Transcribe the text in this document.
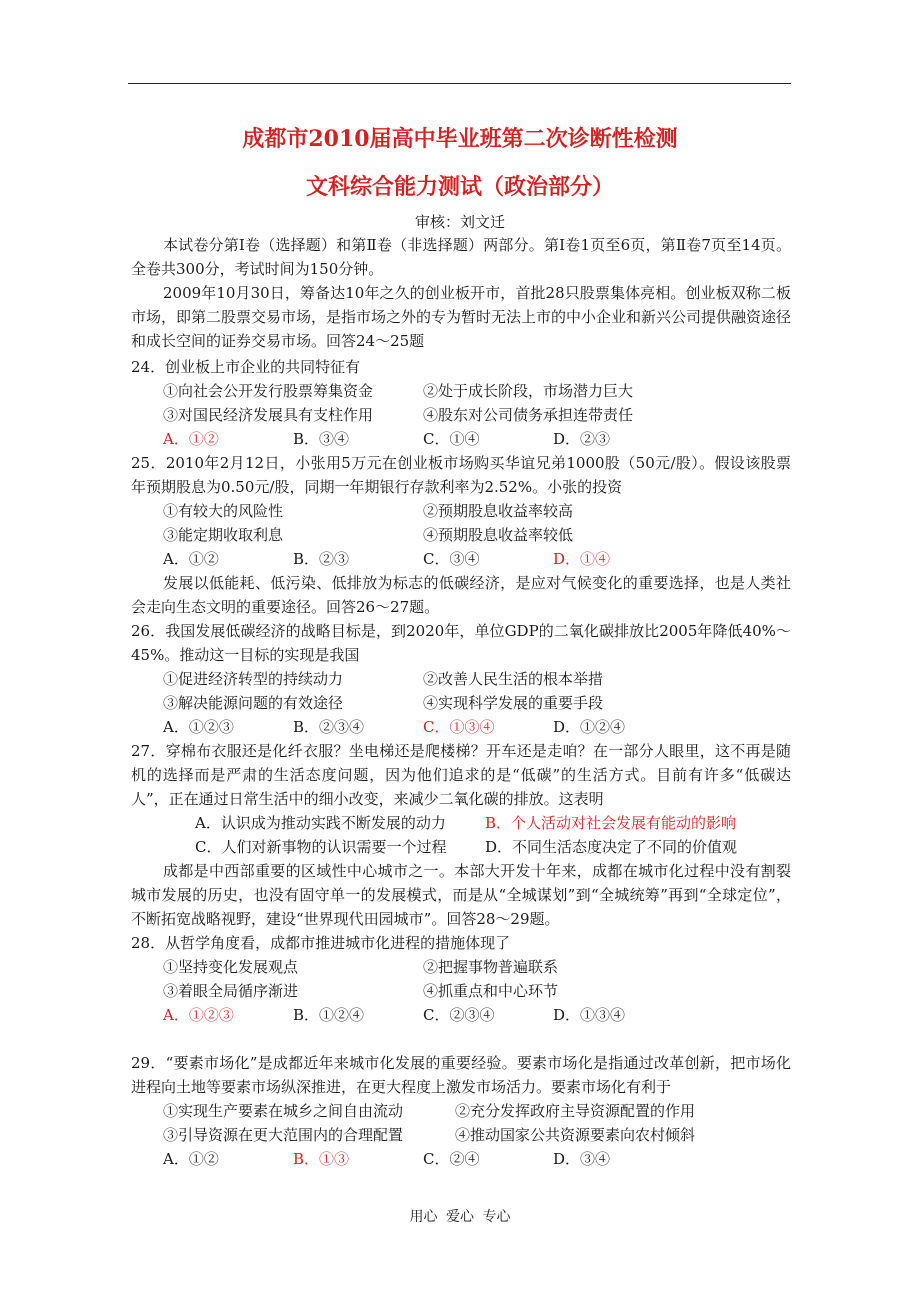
成都市2010届高中毕业班第二次诊断性检测
文科综合能力测试（政治部分）
审核：刘文迁
本试卷分第Ⅰ卷（选择题）和第Ⅱ卷（非选择题）两部分。第Ⅰ卷1页至6页，第Ⅱ卷7页至14页。全卷共300分，考试时间为150分钟。
2009年10月30日，筹备达10年之久的创业板开市，首批28只股票集体亮相。创业板双称二板市场，即第二股票交易市场，是指市场之外的专为暂时无法上市的中小企业和新兴公司提供融资途径和成长空间的证券交易市场。回答24～25题
24．创业板上市企业的共同特征有
①向社会公开发行股票筹集资金	②处于成长阶段，市场潜力巨大
③对国民经济发展具有支柱作用	④股东对公司债务承担连带责任
A．①②	B．③④	C．①④	D．②③
25．2010年2月12日，小张用5万元在创业板市场购买华谊兄弟1000股（50元/股）。假设该股票年预期股息为0.50元/股，同期一年期银行存款利率为2.52%。小张的投资
①有较大的风险性	②预期股息收益率较高
③能定期收取利息	④预期股息收益率较低
A．①②	B．②③	C．③④	D．①④
发展以低能耗、低污染、低排放为标志的低碳经济，是应对气候变化的重要选择，也是人类社会走向生态文明的重要途径。回答26～27题。
26．我国发展低碳经济的战略目标是，到2020年，单位GDP的二氧化碳排放比2005年降低40%～45%。推动这一目标的实现是我国
①促进经济转型的持续动力	②改善人民生活的根本举措
③解决能源问题的有效途径	④实现科学发展的重要手段
A．①②③	B．②③④	C．①③④	D．①②④
27．穿棉布衣服还是化纤衣服？坐电梯还是爬楼梯？开车还是走咱？在一部分人眼里，这不再是随机的选择而是严肃的生活态度问题，因为他们追求的是“低碳”的生活方式。目前有许多“低碳达人”，正在通过日常生活中的细小改变，来减少二氧化碳的排放。这表明
A．认识成为推动实践不断发展的动力	B．个人活动对社会发展有能动的影响
C．人们对新事物的认识需要一个过程	D．不同生活态度决定了不同的价值观
成都是中西部重要的区域性中心城市之一。本部大开发十年来，成都在城市化过程中没有割裂城市发展的历史，也没有固守单一的发展模式，而是从“全城谋划”到“全城统筹”再到“全球定位”，不断拓宽战略视野，建设“世界现代田园城市”。回答28～29题。
28．从哲学角度看，成都市推进城市化进程的措施体现了
①坚持变化发展观点	②把握事物普遍联系
③着眼全局循序渐进	④抓重点和中心环节
A．①②③	B．①②④	C．②③④	D．①③④
29．“要素市场化”是成都近年来城市化发展的重要经验。要素市场化是指通过改革创新，把市场化进程向土地等要素市场纵深推进，在更大程度上激发市场活力。要素市场化有利于
①实现生产要素在城乡之间自由流动	②充分发挥政府主导资源配置的作用
③引导资源在更大范围内的合理配置	④推动国家公共资源要素向农村倾斜
A．①②	B．①③	C．②④	D．③④
用心 爱心 专心
